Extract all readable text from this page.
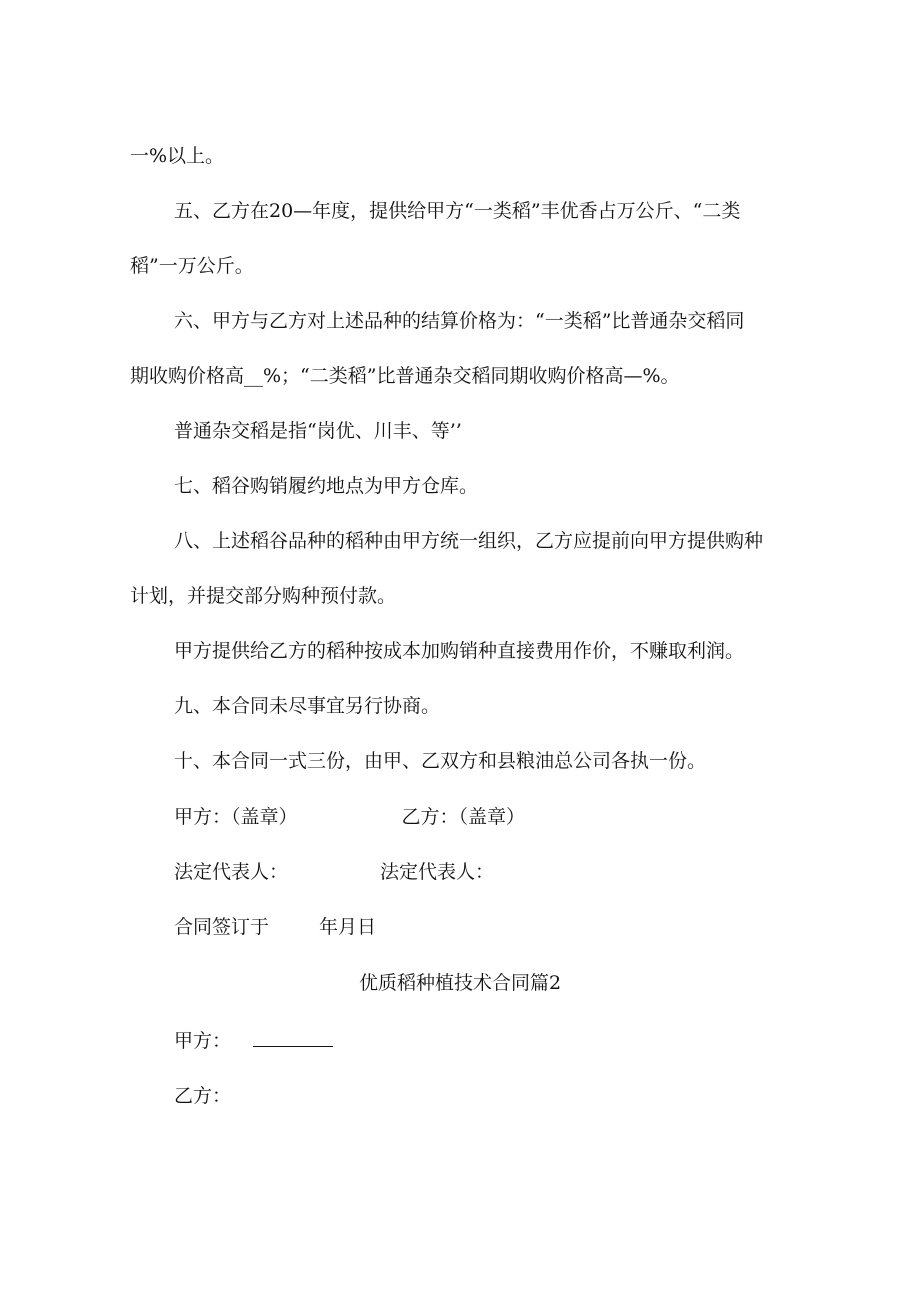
一%以上。
五、乙方在20—年度，提供给甲方“一类稻”丰优香占万公斤、“二类
稻”一万公斤。
六、甲方与乙方对上述品种的结算价格为：“一类稻”比普通杂交稻同
期收购价格高__%；“二类稻”比普通杂交稻同期收购价格高—%。
普通杂交稻是指“岗优、川丰、等’’
七、稻谷购销履约地点为甲方仓库。
八、上述稻谷品种的稻种由甲方统一组织，乙方应提前向甲方提供购种
计划，并提交部分购种预付款。
甲方提供给乙方的稻种按成本加购销种直接费用作价，不赚取利润。
九、本合同未尽事宜另行协商。
十、本合同一式三份，由甲、乙双方和县粮油总公司各执一份。
甲方：（盖章）	乙方：（盖章）
法定代表人：	法定代表人：
合同签订于	年月日
优质稻种植技术合同篇2
甲方：
乙方：
